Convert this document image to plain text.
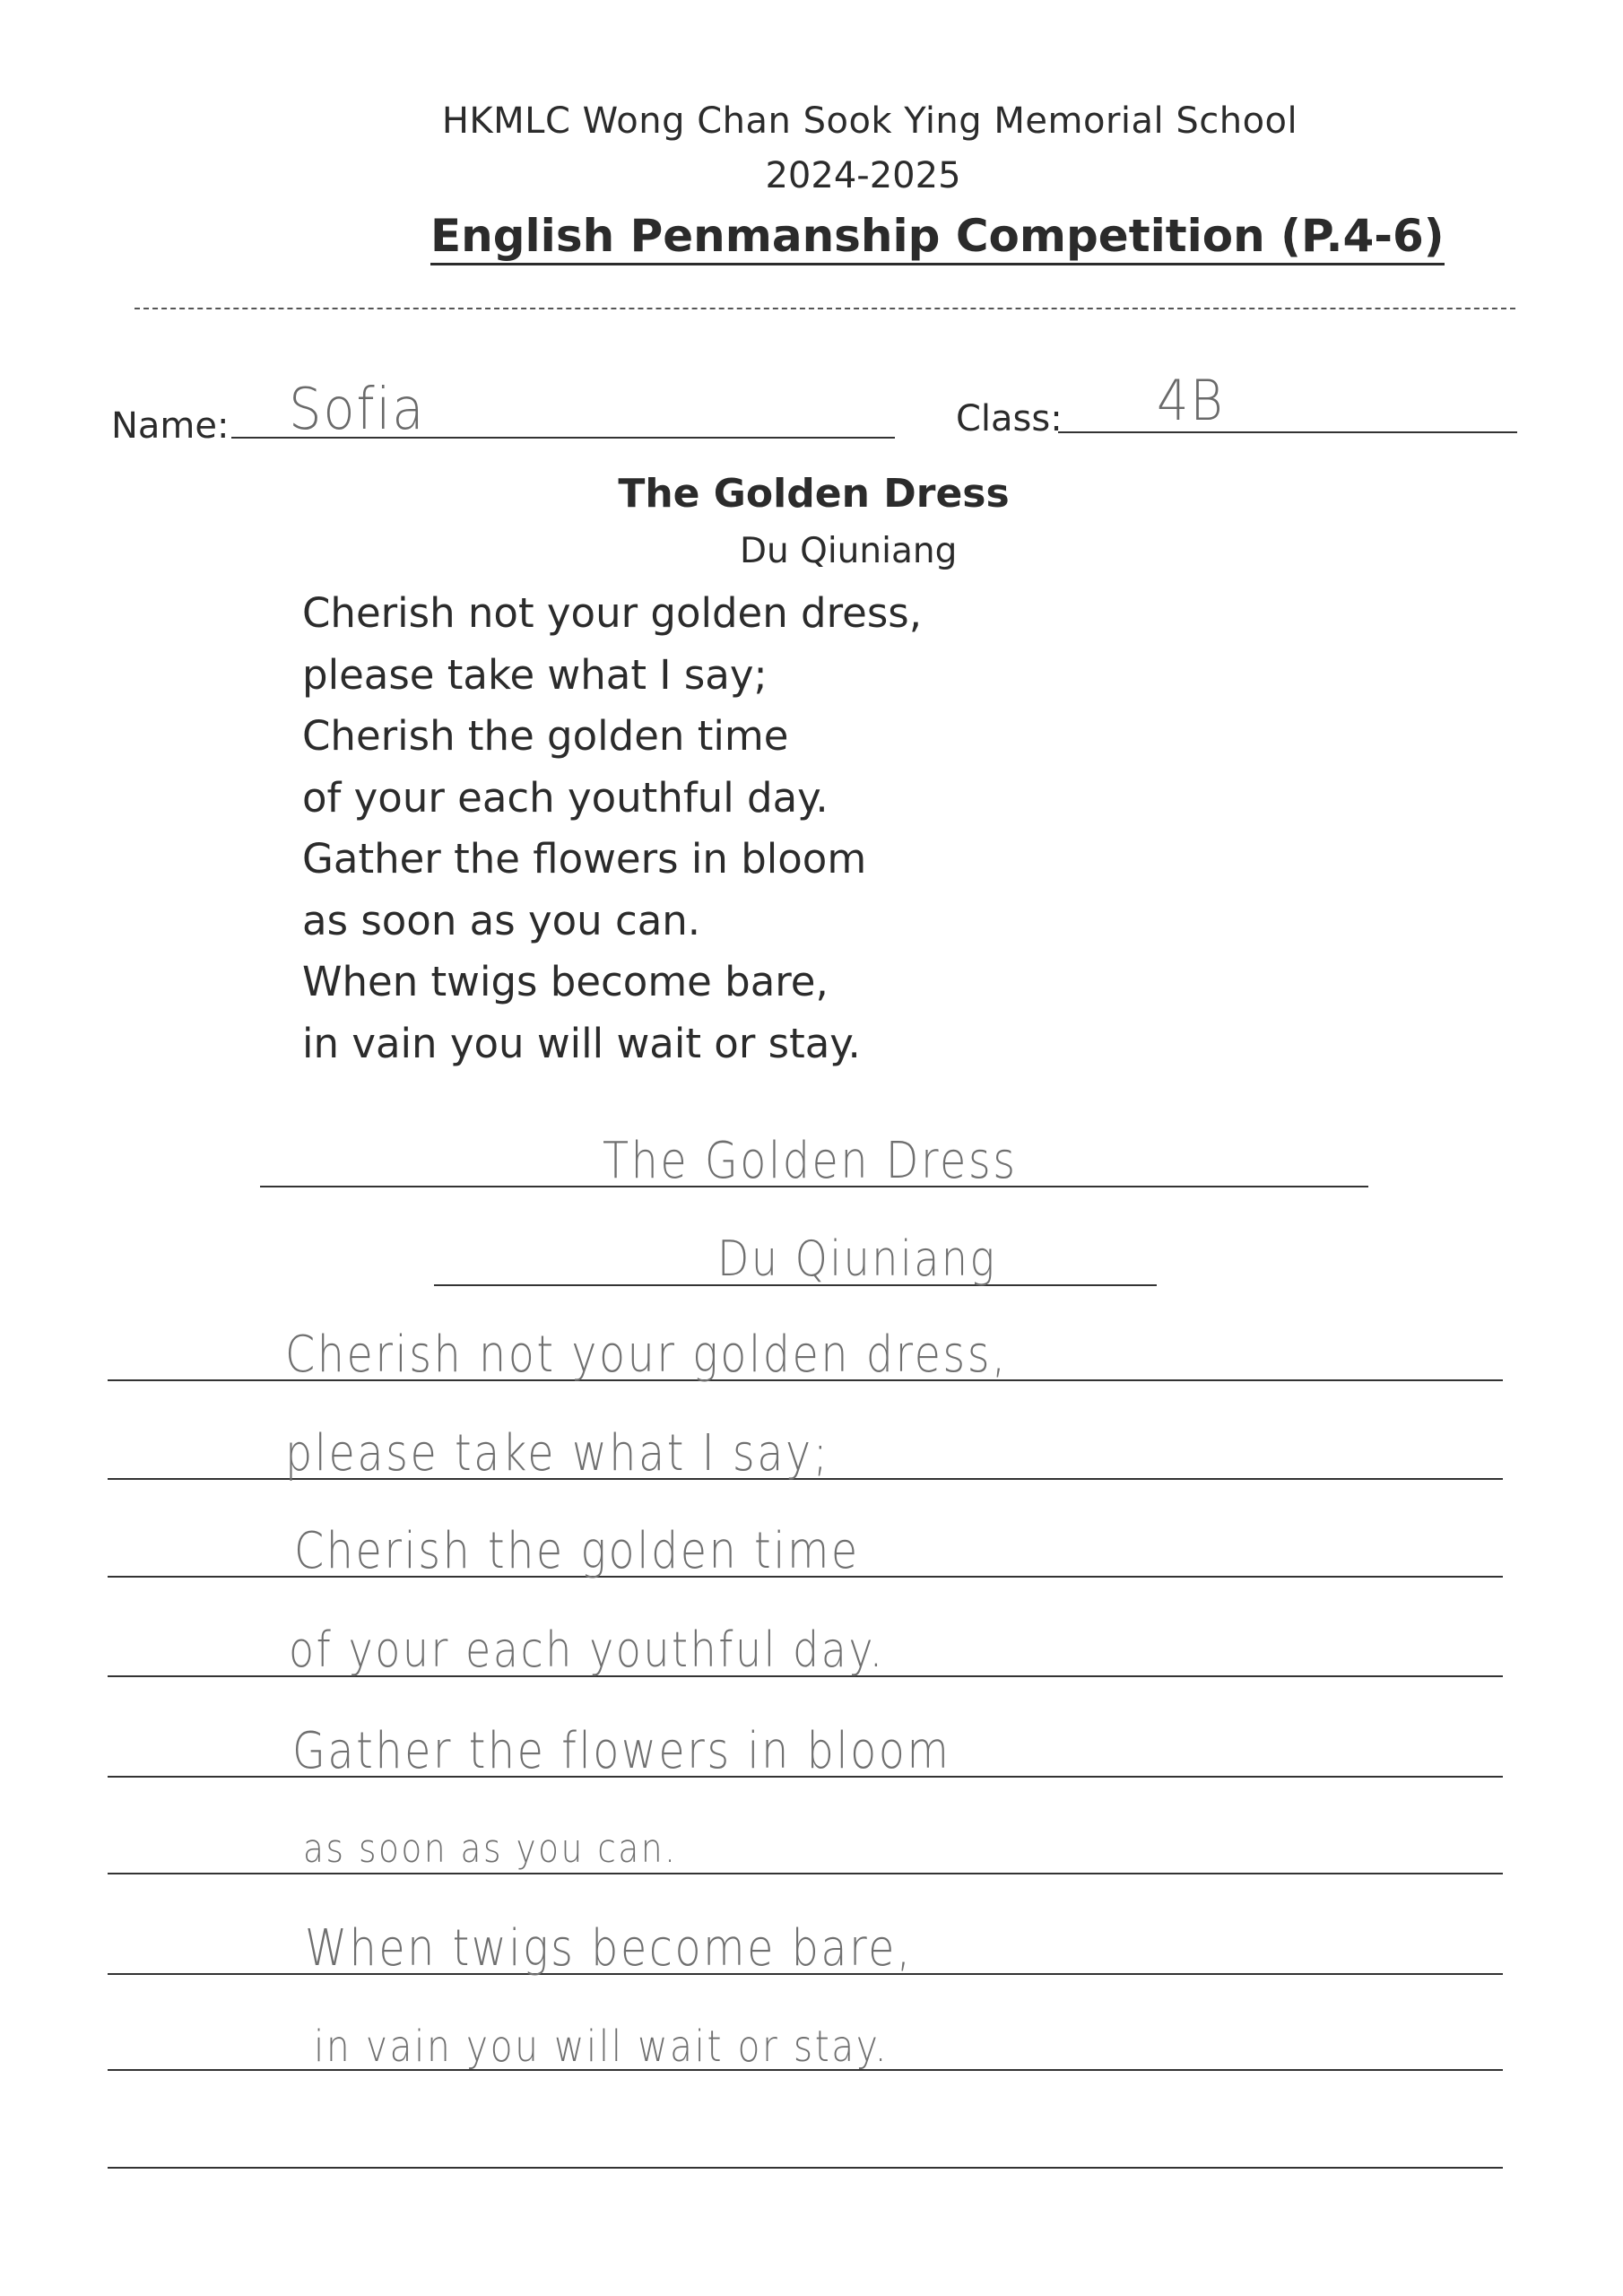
HKMLC Wong Chan Sook Ying Memorial School
2024-2025
English Penmanship Competition (P.4-6)
Name: Sofia	Class: 4B
The Golden Dress
Du Qiuniang
Cherish not your golden dress,
please take what I say;
Cherish the golden time
of your each youthful day.
Gather the flowers in bloom
as soon as you can.
When twigs become bare,
in vain you will wait or stay.
The Golden Dress
Du Qiuniang
Cherish not your golden dress,
please take what I say;
Cherish the golden time
of your each youthful day.
Gather the flowers in bloom
as soon as you can.
When twigs become bare,
in vain you will wait or stay.
